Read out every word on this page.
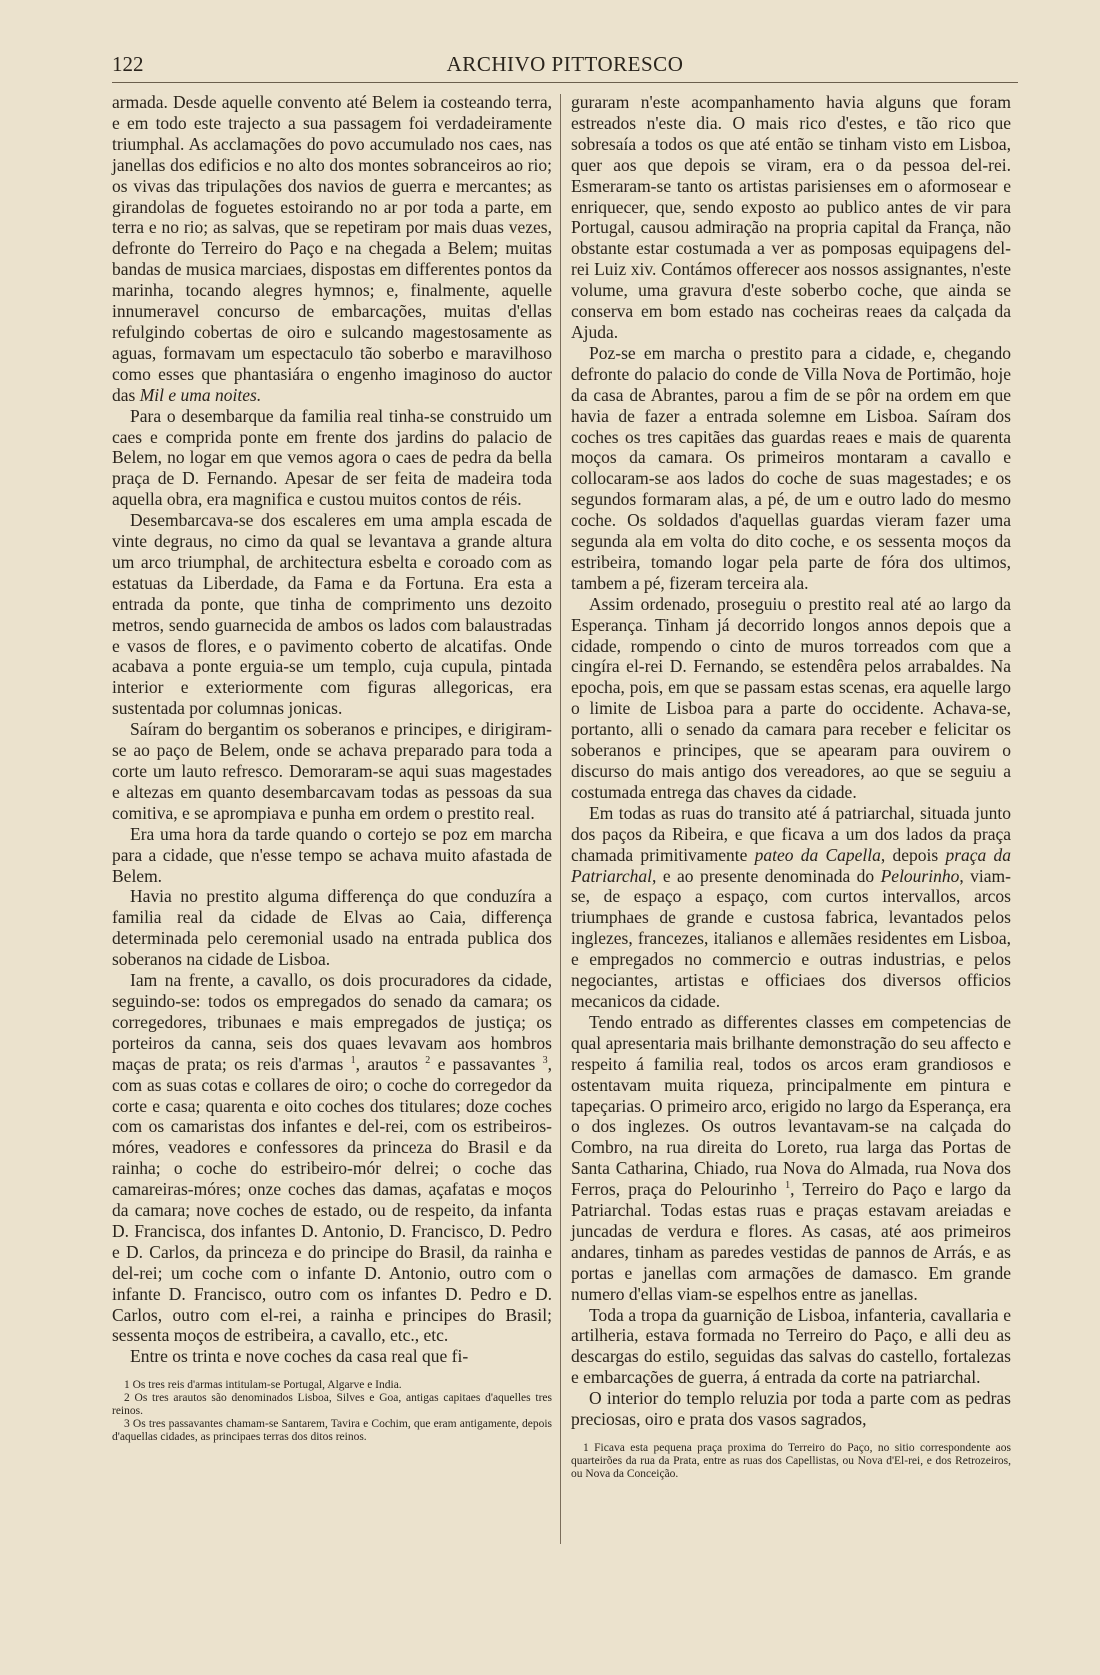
122	ARCHIVO PITTORESCO

armada. Desde aquelle convento até Belem ia costeando terra, e em todo este trajecto a sua passagem foi verdadeiramente triumphal. As acclamações do povo accumulado nos caes, nas janellas dos edificios e no alto dos montes sobranceiros ao rio; os vivas das tripulações dos navios de guerra e mercantes; as girandolas de foguetes estoirando no ar por toda a parte, em terra e no rio; as salvas, que se repetiram por mais duas vezes, defronte do Terreiro do Paço e na chegada a Belem; muitas bandas de musica marciaes, dispostas em differentes pontos da marinha, tocando alegres hymnos; e, finalmente, aquelle innumeravel concurso de embarcações, muitas d'ellas refulgindo cobertas de oiro e sulcando magestosamente as aguas, formavam um espectaculo tão soberbo e maravilhoso como esses que phantasiára o engenho imaginoso do auctor das Mil e uma noites.

Para o desembarque da familia real tinha-se construido um caes e comprida ponte em frente dos jardins do palacio de Belem, no logar em que vemos agora o caes de pedra da bella praça de D. Fernando. Apesar de ser feita de madeira toda aquella obra, era magnifica e custou muitos contos de réis.

Desembarcava-se dos escaleres em uma ampla escada de vinte degraus, no cimo da qual se levantava a grande altura um arco triumphal, de architectura esbelta e coroado com as estatuas da Liberdade, da Fama e da Fortuna. Era esta a entrada da ponte, que tinha de comprimento uns dezoito metros, sendo guarnecida de ambos os lados com balaustradas e vasos de flores, e o pavimento coberto de alcatifas. Onde acabava a ponte erguia-se um templo, cuja cupula, pintada interior e exteriormente com figuras allegoricas, era sustentada por columnas jonicas.

Saíram do bergantim os soberanos e principes, e dirigiram-se ao paço de Belem, onde se achava preparado para toda a corte um lauto refresco. Demoraram-se aqui suas magestades e altezas em quanto desembarcavam todas as pessoas da sua comitiva, e se aprompiava e punha em ordem o prestito real.

Era uma hora da tarde quando o cortejo se poz em marcha para a cidade, que n'esse tempo se achava muito afastada de Belem.

Havia no prestito alguma differença do que conduzíra a familia real da cidade de Elvas ao Caia, differença determinada pelo ceremonial usado na entrada publica dos soberanos na cidade de Lisboa.

Iam na frente, a cavallo, os dois procuradores da cidade, seguindo-se: todos os empregados do senado da camara; os corregedores, tribunaes e mais empregados de justiça; os porteiros da canna, seis dos quaes levavam aos hombros maças de prata; os reis d'armas $^1$, arautos $^2$ e passavantes $^3$, com as suas cotas e collares de oiro; o coche do corregedor da corte e casa; quarenta e oito coches dos titulares; doze coches com os camaristas dos infantes e del-rei, com os estribeiros-móres, veadores e confessores da princeza do Brasil e da rainha; o coche do estribeiro-mór delrei; o coche das camareiras-móres; onze coches das damas, açafatas e moços da camara; nove coches de estado, ou de respeito, da infanta D. Francisca, dos infantes D. Antonio, D. Francisco, D. Pedro e D. Carlos, da princeza e do principe do Brasil, da rainha e del-rei; um coche com o infante D. Antonio, outro com o infante D. Francisco, outro com os infantes D. Pedro e D. Carlos, outro com el-rei, a rainha e principes do Brasil; sessenta moços de estribeira, a cavallo, etc., etc.

Entre os trinta e nove coches da casa real que fi-

1 Os tres reis d'armas intitulam-se Portugal, Algarve e India.

2 Os tres arautos são denominados Lisboa, Silves e Goa, antigas capitaes d'aquelles tres reinos.

3 Os tres passavantes chamam-se Santarem, Tavira e Cochim, que eram antigamente, depois d'aquellas cidades, as principaes terras dos ditos reinos.

guraram n'este acompanhamento havia alguns que foram estreados n'este dia. O mais rico d'estes, e tão rico que sobresaía a todos os que até então se tinham visto em Lisboa, quer aos que depois se viram, era o da pessoa del-rei. Esmeraram-se tanto os artistas parisienses em o aformosear e enriquecer, que, sendo exposto ao publico antes de vir para Portugal, causou admiração na propria capital da França, não obstante estar costumada a ver as pomposas equipagens del-rei Luiz xiv. Contámos offerecer aos nossos assignantes, n'este volume, uma gravura d'este soberbo coche, que ainda se conserva em bom estado nas cocheiras reaes da calçada da Ajuda.

Poz-se em marcha o prestito para a cidade, e, chegando defronte do palacio do conde de Villa Nova de Portimão, hoje da casa de Abrantes, parou a fim de se pôr na ordem em que havia de fazer a entrada solemne em Lisboa. Saíram dos coches os tres capitães das guardas reaes e mais de quarenta moços da camara. Os primeiros montaram a cavallo e collocaram-se aos lados do coche de suas magestades; e os segundos formaram alas, a pé, de um e outro lado do mesmo coche. Os soldados d'aquellas guardas vieram fazer uma segunda ala em volta do dito coche, e os sessenta moços da estribeira, tomando logar pela parte de fóra dos ultimos, tambem a pé, fizeram terceira ala.

Assim ordenado, proseguiu o prestito real até ao largo da Esperança. Tinham já decorrido longos annos depois que a cidade, rompendo o cinto de muros torreados com que a cingíra el-rei D. Fernando, se estendêra pelos arrabaldes. Na epocha, pois, em que se passam estas scenas, era aquelle largo o limite de Lisboa para a parte do occidente. Achava-se, portanto, alli o senado da camara para receber e felicitar os soberanos e principes, que se apearam para ouvirem o discurso do mais antigo dos vereadores, ao que se seguiu a costumada entrega das chaves da cidade.

Em todas as ruas do transito até á patriarchal, situada junto dos paços da Ribeira, e que ficava a um dos lados da praça chamada primitivamente pateo da Capella, depois praça da Patriarchal, e ao presente denominada do Pelourinho, viam-se, de espaço a espaço, com curtos intervallos, arcos triumphaes de grande e custosa fabrica, levantados pelos inglezes, francezes, italianos e allemães residentes em Lisboa, e empregados no commercio e outras industrias, e pelos negociantes, artistas e officiaes dos diversos officios mecanicos da cidade.

Tendo entrado as differentes classes em competencias de qual apresentaria mais brilhante demonstração do seu affecto e respeito á familia real, todos os arcos eram grandiosos e ostentavam muita riqueza, principalmente em pintura e tapeçarias. O primeiro arco, erigido no largo da Esperança, era o dos inglezes. Os outros levantavam-se na calçada do Combro, na rua direita do Loreto, rua larga das Portas de Santa Catharina, Chiado, rua Nova do Almada, rua Nova dos Ferros, praça do Pelourinho $^1$, Terreiro do Paço e largo da Patriarchal. Todas estas ruas e praças estavam areiadas e juncadas de verdura e flores. As casas, até aos primeiros andares, tinham as paredes vestidas de pannos de Arrás, e as portas e janellas com armações de damasco. Em grande numero d'ellas viam-se espelhos entre as janellas.

Toda a tropa da guarnição de Lisboa, infanteria, cavallaria e artilheria, estava formada no Terreiro do Paço, e alli deu as descargas do estilo, seguidas das salvas do castello, fortalezas e embarcações de guerra, á entrada da corte na patriarchal.

O interior do templo reluzia por toda a parte com as pedras preciosas, oiro e prata dos vasos sagrados,

1 Ficava esta pequena praça proxima do Terreiro do Paço, no sitio correspondente aos quarteirões da rua da Prata, entre as ruas dos Capellistas, ou Nova d'El-rei, e dos Retrozeiros, ou Nova da Conceição.
